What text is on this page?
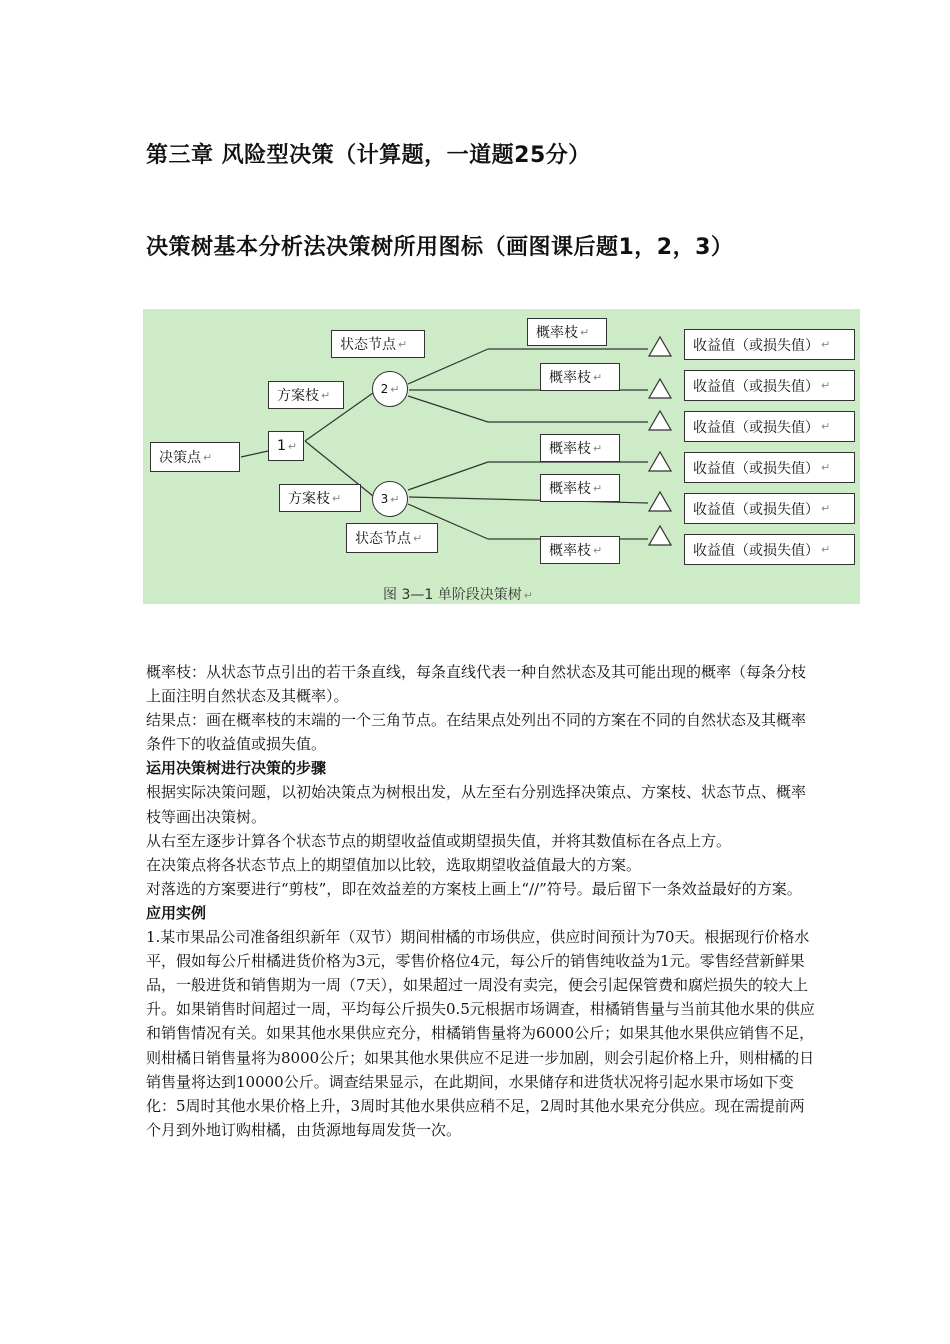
第三章 风险型决策（计算题，一道题25分）
决策树基本分析法决策树所用图标（画图课后题1，2，3）
决策点 ↵
1 ↵
方案枝 ↵
方案枝 ↵
状态节点 ↵
状态节点 ↵
2 ↵
3 ↵
概率枝 ↵
概率枝 ↵
概率枝 ↵
概率枝 ↵
概率枝 ↵
收益值（或损失值） ↵
收益值（或损失值） ↵
收益值（或损失值） ↵
收益值（或损失值） ↵
收益值（或损失值） ↵
收益值（或损失值） ↵
图 3—1 单阶段决策树 ↵

概率枝：从状态节点引出的若干条直线，每条直线代表一种自然状态及其可能出现的概率（每条分枝上面注明自然状态及其概率）。

结果点：画在概率枝的末端的一个三角节点。在结果点处列出不同的方案在不同的自然状态及其概率条件下的收益值或损失值。

运用决策树进行决策的步骤

根据实际决策问题，以初始决策点为树根出发，从左至右分别选择决策点、方案枝、状态节点、概率枝等画出决策树。

从右至左逐步计算各个状态节点的期望收益值或期望损失值，并将其数值标在各点上方。

在决策点将各状态节点上的期望值加以比较，选取期望收益值最大的方案。

对落选的方案要进行“剪枝”，即在效益差的方案枝上画上“//”符号。最后留下一条效益最好的方案。

应用实例

1.某市果品公司准备组织新年（双节）期间柑橘的市场供应，供应时间预计为70天。根据现行价格水平，假如每公斤柑橘进货价格为3元，零售价格位4元，每公斤的销售纯收益为1元。零售经营新鲜果品，一般进货和销售期为一周（7天），如果超过一周没有卖完，便会引起保管费和腐烂损失的较大上升。如果销售时间超过一周，平均每公斤损失0.5元根据市场调查，柑橘销售量与当前其他水果的供应和销售情况有关。如果其他水果供应充分，柑橘销售量将为6000公斤；如果其他水果供应销售不足，则柑橘日销售量将为8000公斤；如果其他水果供应不足进一步加剧，则会引起价格上升，则柑橘的日销售量将达到10000公斤。调查结果显示，在此期间，水果储存和进货状况将引起水果市场如下变化：5周时其他水果价格上升，3周时其他水果供应稍不足，2周时其他水果充分供应。现在需提前两个月到外地订购柑橘，由货源地每周发货一次。
